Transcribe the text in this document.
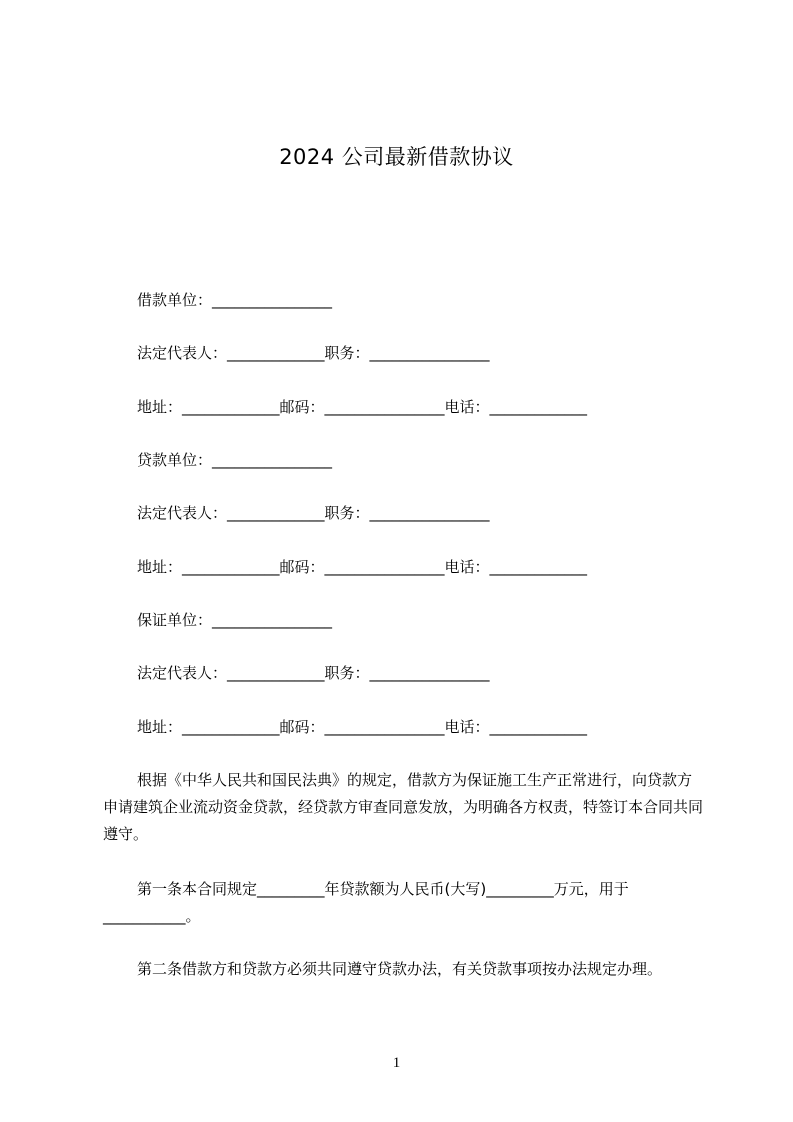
2024 公司最新借款协议
借款单位：________________
法定代表人：_____________职务：________________
地址：_____________邮码：________________电话：_____________
贷款单位：________________
法定代表人：_____________职务：________________
地址：_____________邮码：________________电话：_____________
保证单位：________________
法定代表人：_____________职务：________________
地址：_____________邮码：________________电话：_____________
根据《中华人民共和国民法典》的规定，借款方为保证施工生产正常进行，向贷款方申请建筑企业流动资金贷款，经贷款方审查同意发放，为明确各方权责，特签订本合同共同遵守。
第一条本合同规定_________年贷款额为人民币(大写)_________万元，用于___________。
第二条借款方和贷款方必须共同遵守贷款办法，有关贷款事项按办法规定办理。
1
